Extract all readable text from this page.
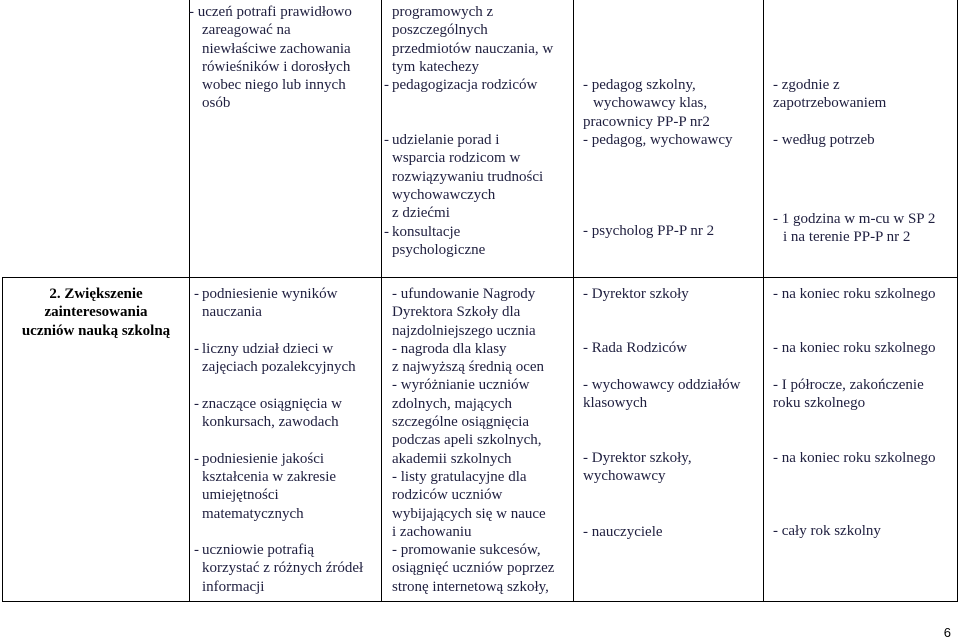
- uczeń potrafi prawidłowo
zareagować na
niewłaściwe zachowania
rówieśników i dorosłych
wobec niego lub innych
osób
programowych z
poszczególnych
przedmiotów nauczania, w
tym katechezy
- pedagogizacja rodziców
- udzielanie porad i
wsparcia rodzicom w
rozwiązywaniu trudności
wychowawczych
z dziećmi
- konsultacje
psychologiczne
- pedagog szkolny,
wychowawcy klas,
pracownicy PP-P nr2
- pedagog, wychowawcy
- psycholog PP-P nr 2
- zgodnie z
zapotrzebowaniem
- według potrzeb
- 1 godzina w m-cu w SP 2
i na terenie PP-P nr 2
2. Zwiększenie
zainteresowania
uczniów nauką szkolną
- podniesienie wyników
nauczania
- liczny udział dzieci w
zajęciach pozalekcyjnych
- znaczące osiągnięcia w
konkursach, zawodach
- podniesienie jakości
kształcenia w zakresie
umiejętności
matematycznych
- uczniowie potrafią
korzystać z różnych źródeł
informacji
- ufundowanie Nagrody
Dyrektora Szkoły dla
najzdolniejszego ucznia
- nagroda dla klasy
z najwyższą średnią ocen
- wyróżnianie uczniów
zdolnych, mających
szczególne osiągnięcia
podczas apeli szkolnych,
akademii szkolnych
- listy gratulacyjne dla
rodziców uczniów
wybijających się w nauce
i zachowaniu
- promowanie sukcesów,
osiągnięć uczniów poprzez
stronę internetową szkoły,
- Dyrektor szkoły
- Rada Rodziców
- wychowawcy oddziałów
klasowych
- Dyrektor szkoły,
wychowawcy
- nauczyciele
- na koniec roku szkolnego
- na koniec roku szkolnego
- I półrocze, zakończenie
roku szkolnego
- na koniec roku szkolnego
- cały rok szkolny
6
